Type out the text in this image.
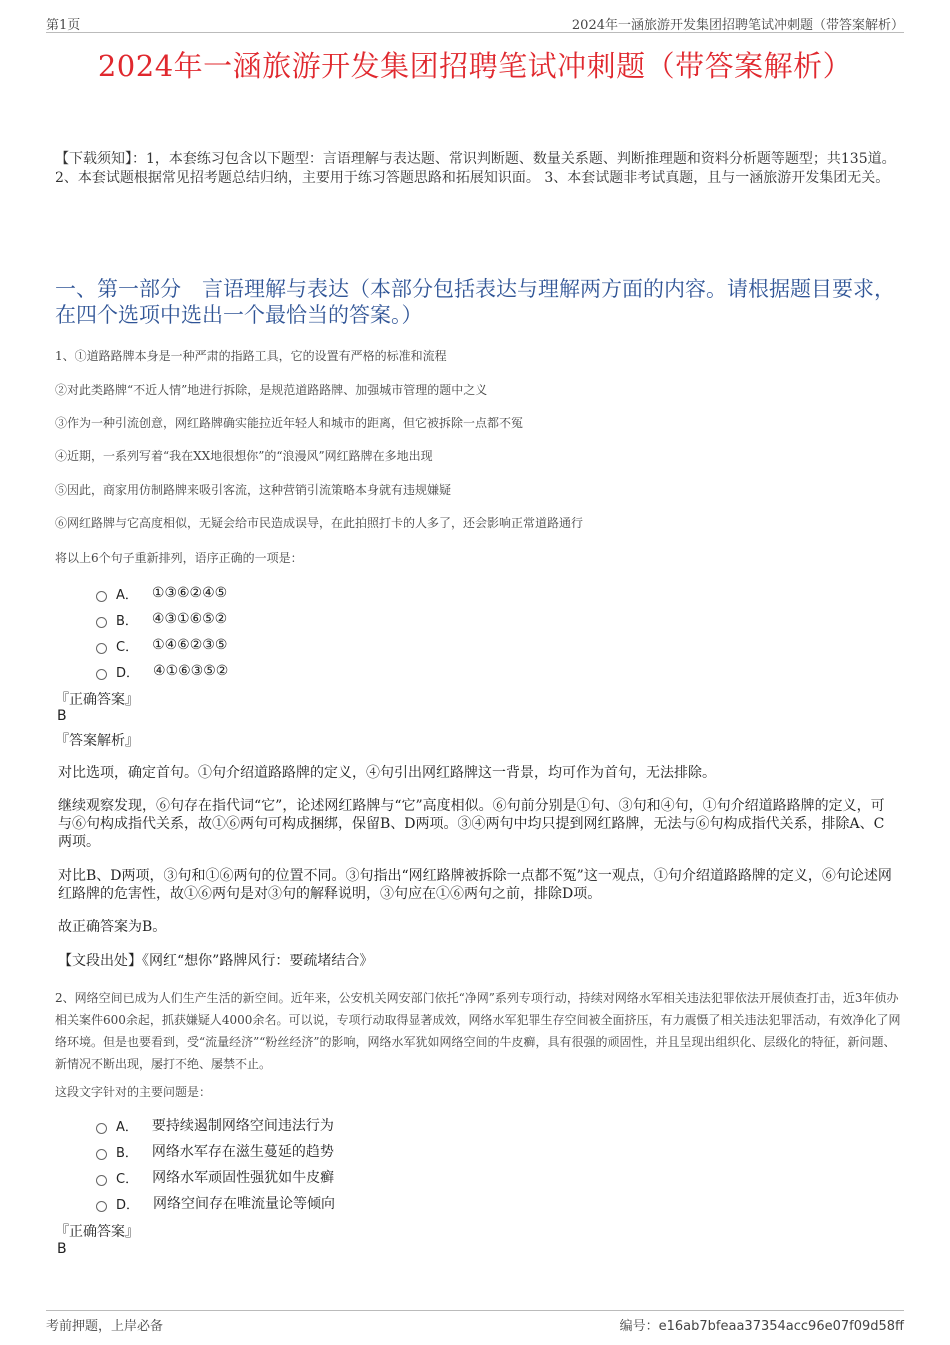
第1页	2024年一涵旅游开发集团招聘笔试冲刺题（带答案解析）
2024年一涵旅游开发集团招聘笔试冲刺题（带答案解析）
【下载须知】：1，本套练习包含以下题型：言语理解与表达题、常识判断题、数量关系题、判断推理题和资料分析题等题型；共135道。 2、本套试题根据常见招考题总结归纳，主要用于练习答题思路和拓展知识面。 3、本套试题非考试真题，且与一涵旅游开发集团无关。
一、第一部分　言语理解与表达（本部分包括表达与理解两方面的内容。请根据题目要求，在四个选项中选出一个最恰当的答案。）
1、①道路路牌本身是一种严肃的指路工具，它的设置有严格的标准和流程
②对此类路牌“不近人情”地进行拆除，是规范道路路牌、加强城市管理的题中之义
③作为一种引流创意，网红路牌确实能拉近年轻人和城市的距离，但它被拆除一点都不冤
④近期，一系列写着“我在XX地很想你”的“浪漫风”网红路牌在多地出现
⑤因此，商家用仿制路牌来吸引客流，这种营销引流策略本身就有违规嫌疑
⑥网红路牌与它高度相似，无疑会给市民造成误导，在此拍照打卡的人多了，还会影响正常道路通行
将以上6个句子重新排列，语序正确的一项是：
A． ①③⑥②④⑤
B． ④③①⑥⑤②
C． ①④⑥②③⑤
D． ④①⑥③⑤②
『正确答案』
B
『答案解析』
对比选项，确定首句。①句介绍道路路牌的定义，④句引出网红路牌这一背景，均可作为首句，无法排除。
继续观察发现，⑥句存在指代词“它”，论述网红路牌与“它”高度相似。⑥句前分别是①句、③句和④句，①句介绍道路路牌的定义，可与⑥句构成指代关系，故①⑥两句可构成捆绑，保留B、D两项。③④两句中均只提到网红路牌，无法与⑥句构成指代关系，排除A、C两项。
对比B、D两项，③句和①⑥两句的位置不同。③句指出“网红路牌被拆除一点都不冤”这一观点，①句介绍道路路牌的定义，⑥句论述网红路牌的危害性，故①⑥两句是对③句的解释说明，③句应在①⑥两句之前，排除D项。
故正确答案为B。
【文段出处】《网红“想你”路牌风行：要疏堵结合》
2、网络空间已成为人们生产生活的新空间。近年来，公安机关网安部门依托“净网”系列专项行动，持续对网络水军相关违法犯罪依法开展侦查打击，近3年侦办相关案件600余起，抓获嫌疑人4000余名。可以说，专项行动取得显著成效，网络水军犯罪生存空间被全面挤压，有力震慑了相关违法犯罪活动，有效净化了网络环境。但是也要看到，受“流量经济”“粉丝经济”的影响，网络水军犹如网络空间的牛皮癣，具有很强的顽固性，并且呈现出组织化、层级化的特征，新问题、新情况不断出现，屡打不绝、屡禁不止。
这段文字针对的主要问题是：
A． 要持续遏制网络空间违法行为
B． 网络水军存在滋生蔓延的趋势
C． 网络水军顽固性强犹如牛皮癣
D． 网络空间存在唯流量论等倾向
『正确答案』
B
考前押题，上岸必备	编号：e16ab7bfeaa37354acc96e07f09d58ff
